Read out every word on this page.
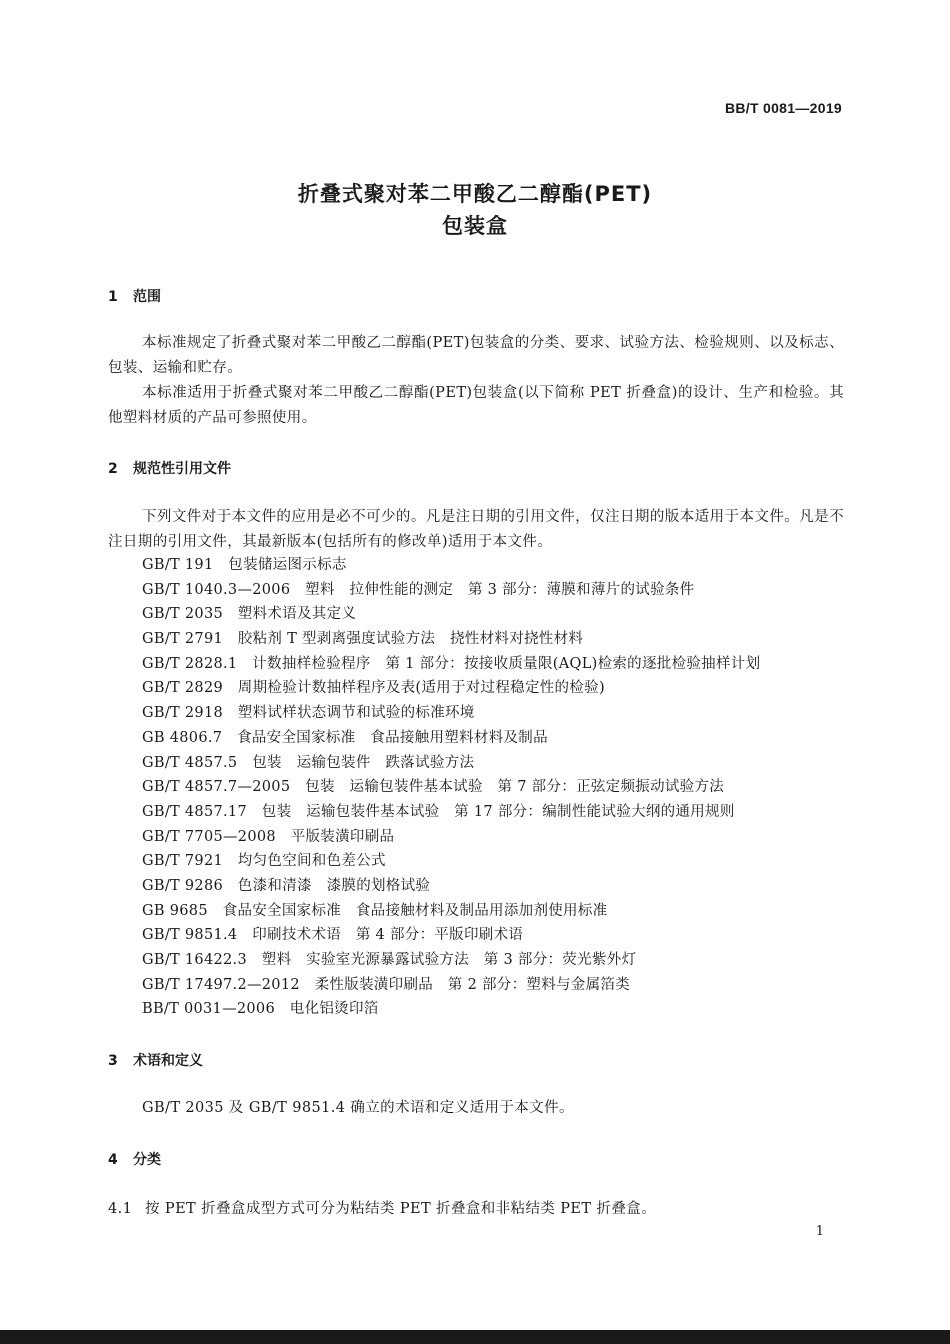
BB/T 0081—2019
折叠式聚对苯二甲酸乙二醇酯(PET)
包装盒
1 范围
本标准规定了折叠式聚对苯二甲酸乙二醇酯(PET)包装盒的分类、要求、试验方法、检验规则、以及标志、包装、运输和贮存。
本标准适用于折叠式聚对苯二甲酸乙二醇酯(PET)包装盒(以下简称 PET 折叠盒)的设计、生产和检验。其他塑料材质的产品可参照使用。
2 规范性引用文件
下列文件对于本文件的应用是必不可少的。凡是注日期的引用文件，仅注日期的版本适用于本文件。凡是不注日期的引用文件，其最新版本(包括所有的修改单)适用于本文件。
GB/T 191　包装储运图示标志
GB/T 1040.3—2006　塑料　拉伸性能的测定　第 3 部分：薄膜和薄片的试验条件
GB/T 2035　塑料术语及其定义
GB/T 2791　胶粘剂 T 型剥离强度试验方法　挠性材料对挠性材料
GB/T 2828.1　计数抽样检验程序　第 1 部分：按接收质量限(AQL)检索的逐批检验抽样计划
GB/T 2829　周期检验计数抽样程序及表(适用于对过程稳定性的检验)
GB/T 2918　塑料试样状态调节和试验的标准环境
GB 4806.7　食品安全国家标准　食品接触用塑料材料及制品
GB/T 4857.5　包装　运输包装件　跌落试验方法
GB/T 4857.7—2005　包装　运输包装件基本试验　第 7 部分：正弦定频振动试验方法
GB/T 4857.17　包装　运输包装件基本试验　第 17 部分：编制性能试验大纲的通用规则
GB/T 7705—2008　平版装潢印刷品
GB/T 7921　均匀色空间和色差公式
GB/T 9286　色漆和清漆　漆膜的划格试验
GB 9685　食品安全国家标准　食品接触材料及制品用添加剂使用标准
GB/T 9851.4　印刷技术术语　第 4 部分：平版印刷术语
GB/T 16422.3　塑料　实验室光源暴露试验方法　第 3 部分：荧光紫外灯
GB/T 17497.2—2012　柔性版装潢印刷品　第 2 部分：塑料与金属箔类
BB/T 0031—2006　电化铝烫印箔
3 术语和定义
GB/T 2035 及 GB/T 9851.4 确立的术语和定义适用于本文件。
4 分类
4.1 按 PET 折叠盒成型方式可分为粘结类 PET 折叠盒和非粘结类 PET 折叠盒。
1
